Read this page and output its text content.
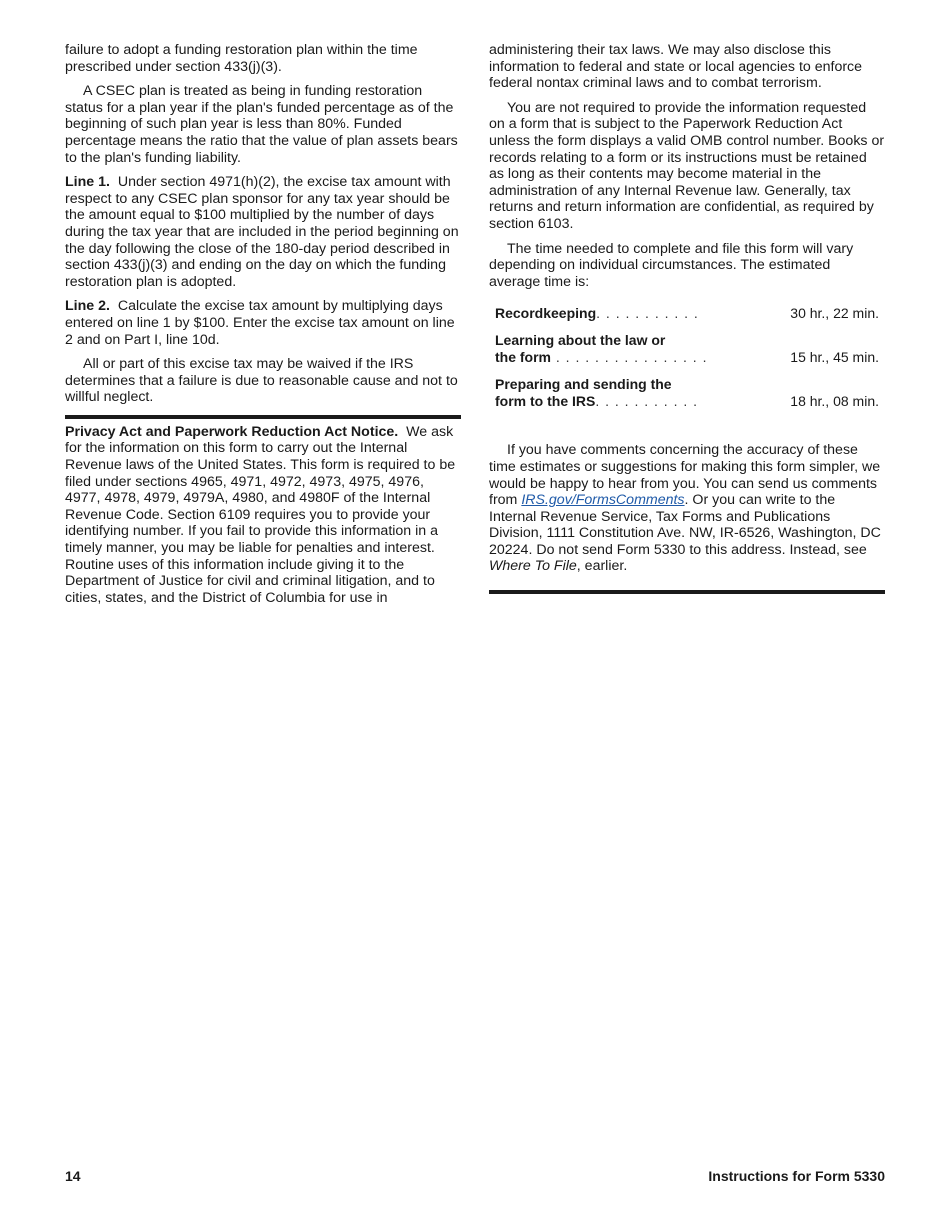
failure to adopt a funding restoration plan within the time prescribed under section 433(j)(3).

A CSEC plan is treated as being in funding restoration status for a plan year if the plan's funded percentage as of the beginning of such plan year is less than 80%. Funded percentage means the ratio that the value of plan assets bears to the plan's funding liability.

Line 1. Under section 4971(h)(2), the excise tax amount with respect to any CSEC plan sponsor for any tax year should be the amount equal to $100 multiplied by the number of days during the tax year that are included in the period beginning on the day following the close of the 180-day period described in section 433(j)(3) and ending on the day on which the funding restoration plan is adopted.

Line 2. Calculate the excise tax amount by multiplying days entered on line 1 by $100. Enter the excise tax amount on line 2 and on Part I, line 10d.

All or part of this excise tax may be waived if the IRS determines that a failure is due to reasonable cause and not to willful neglect.

Privacy Act and Paperwork Reduction Act Notice. We ask for the information on this form to carry out the Internal Revenue laws of the United States. This form is required to be filed under sections 4965, 4971, 4972, 4973, 4975, 4976, 4977, 4978, 4979, 4979A, 4980, and 4980F of the Internal Revenue Code. Section 6109 requires you to provide your identifying number. If you fail to provide this information in a timely manner, you may be liable for penalties and interest. Routine uses of this information include giving it to the Department of Justice for civil and criminal litigation, and to cities, states, and the District of Columbia for use in

administering their tax laws. We may also disclose this information to federal and state or local agencies to enforce federal nontax criminal laws and to combat terrorism.

You are not required to provide the information requested on a form that is subject to the Paperwork Reduction Act unless the form displays a valid OMB control number. Books or records relating to a form or its instructions must be retained as long as their contents may become material in the administration of any Internal Revenue law. Generally, tax returns and return information are confidential, as required by section 6103.

The time needed to complete and file this form will vary depending on individual circumstances. The estimated average time is:

Recordkeeping. . . . . . . . . . .	30 hr., 22 min.
Learning about the law or
the form . . . . . . . . . . . . . . . .	15 hr., 45 min.
Preparing and sending the
form to the IRS. . . . . . . . . . .	18 hr., 08 min.

If you have comments concerning the accuracy of these time estimates or suggestions for making this form simpler, we would be happy to hear from you. You can send us comments from IRS.gov/FormsComments. Or you can write to the Internal Revenue Service, Tax Forms and Publications Division, 1111 Constitution Ave. NW, IR-6526, Washington, DC 20224. Do not send Form 5330 to this address. Instead, see Where To File, earlier.

14	Instructions for Form 5330
